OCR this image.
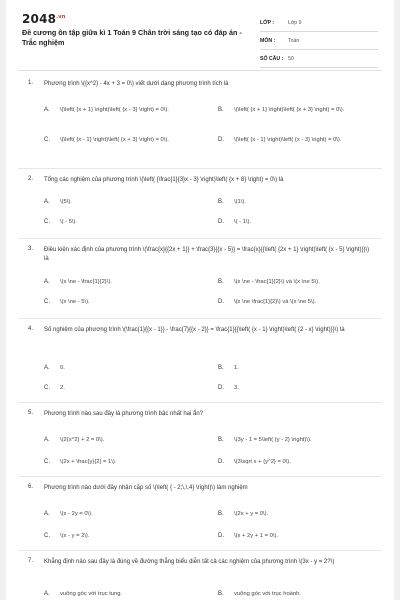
$2048^{.vn}$
Đề cương ôn tập giữa kì 1 Toán 9 Chân trời sáng tạo có đáp án - Trắc nghiệm
LỚP :	Lớp 9
MÔN :	Toán
SỐ CÂU : 50
1. Phương trình \({x^2} - 4x + 3 = 0\) viết dưới dạng phương trình tích là
A. \(\left( {x + 1} \right)\left( {x - 3} \right) = 0\).	B. \(\left( {x + 1} \right)\left( {x + 3} \right) = 0\).
C. \(\left( {x - 1} \right)\left( {x + 3} \right) = 0\).	D. \(\left( {x - 1} \right)\left( {x - 3} \right) = 0\).
2. Tổng các nghiệm của phương trình \(\left( {\frac{1}{3}x - 3} \right)\left( {x + 8} \right) = 0\) là
A. \(5\).	B. \(1\).
C. \( - 5\).	D. \( - 1\).
3. Điều kiện xác định của phương trình \(\frac{x}{{2x + 1}} + \frac{3}{{x - 5}} = \frac{x}{{\left( {2x + 1} \right)\left( {x - 5} \right)}}\) là
A. \(x \ne - \frac{1}{2}\).	B. \(x \ne - \frac{1}{2}\) và \(x \ne 5\).
C. \(x \ne - 5\).	D. \(x \ne \frac{1}{2}\) và \(x \ne 5\).
4. Số nghiệm của phương trình \(\frac{1}{{x - 1}} - \frac{7}{{x - 2}} = \frac{1}{{\left( {x - 1} \right)\left( {2 - x} \right)}}\) là
A. 0.	B. 1.
C. 2.	D. 3.
5. Phương trình nào sau đây là phương trình bậc nhất hai ẩn?
A. \(2{x^2} + 2 = 0\).	B. \(3y - 1 = 5\left( {y - 2} \right)\).
C. \(2x + \frac{y}{2} = 1\).	D. \(3\sqrt x + {y^2} = 0\).
6. Phương trình nào dưới đây nhận cặp số \(\left( { - 2;\,\,4} \right)\) làm nghiệm
A. \(x - 2y = 0\).	B. \(2x + y = 0\).
C. \(x - y = 2\).	D. \(x + 2y + 1 = 0\).
7. Khẳng định nào sau đây là đúng về đường thẳng biểu diễn tất cả các nghiệm của phương trình \(3x - y = 2?\)
A. vuông góc với trục tung.	B. vuông góc với trục hoành.
